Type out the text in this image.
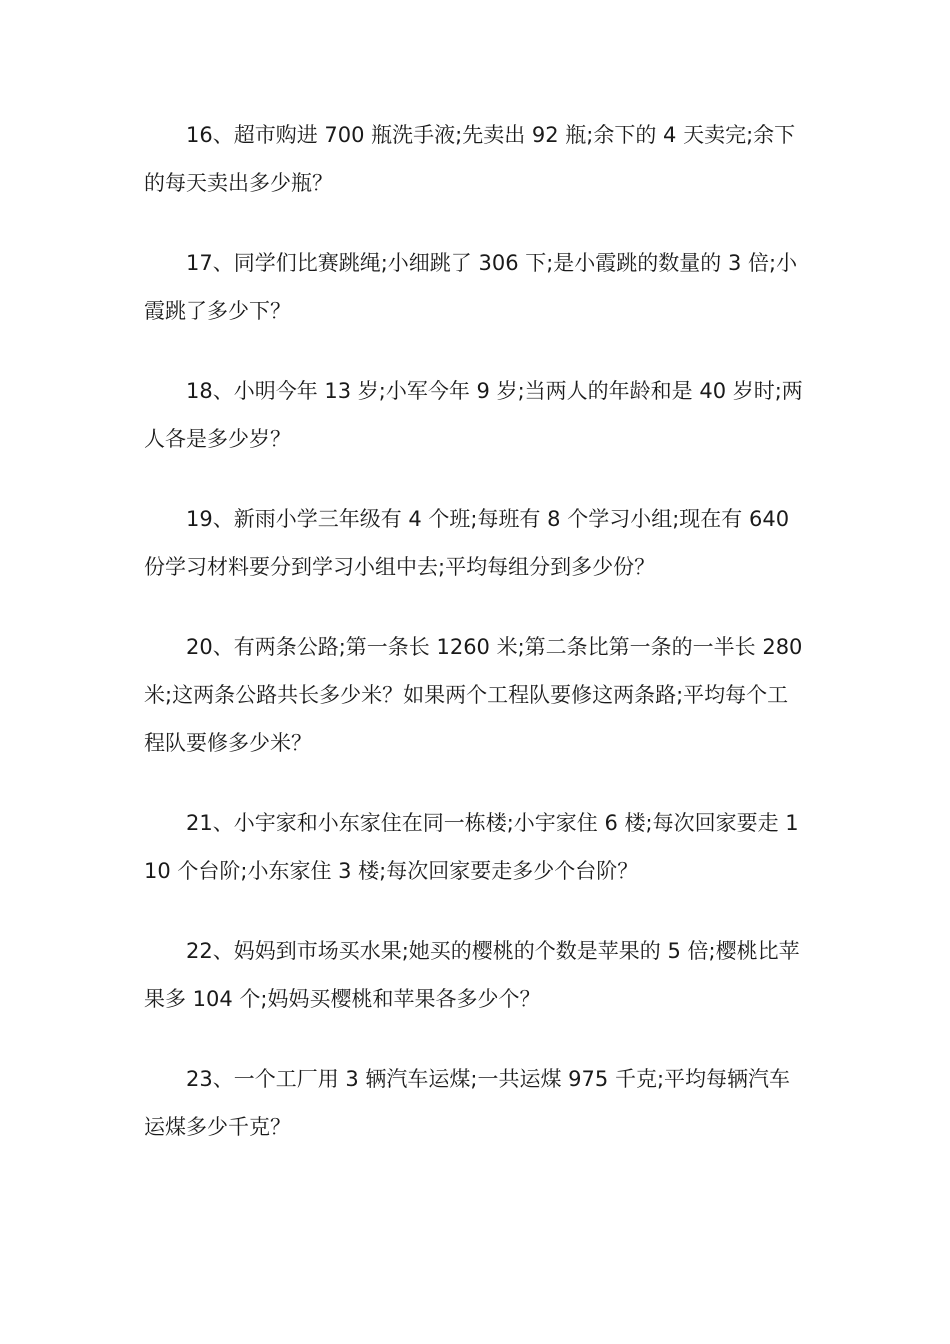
16、超市购进 700 瓶洗手液;先卖出 92 瓶;余下的 4 天卖完;余下的每天卖出多少瓶？

17、同学们比赛跳绳;小细跳了 306 下;是小霞跳的数量的 3 倍;小霞跳了多少下？

18、小明今年 13 岁;小军今年 9 岁;当两人的年龄和是 40 岁时;两人各是多少岁？

19、新雨小学三年级有 4 个班;每班有 8 个学习小组;现在有 640 份学习材料要分到学习小组中去;平均每组分到多少份？

20、有两条公路;第一条长 1260 米;第二条比第一条的一半长 280 米;这两条公路共长多少米？如果两个工程队要修这两条路;平均每个工程队要修多少米？

21、小宇家和小东家住在同一栋楼;小宇家住 6 楼;每次回家要走 110 个台阶;小东家住 3 楼;每次回家要走多少个台阶？

22、妈妈到市场买水果;她买的樱桃的个数是苹果的 5 倍;樱桃比苹果多 104 个;妈妈买樱桃和苹果各多少个？

23、一个工厂用 3 辆汽车运煤;一共运煤 975 千克;平均每辆汽车运煤多少千克？
